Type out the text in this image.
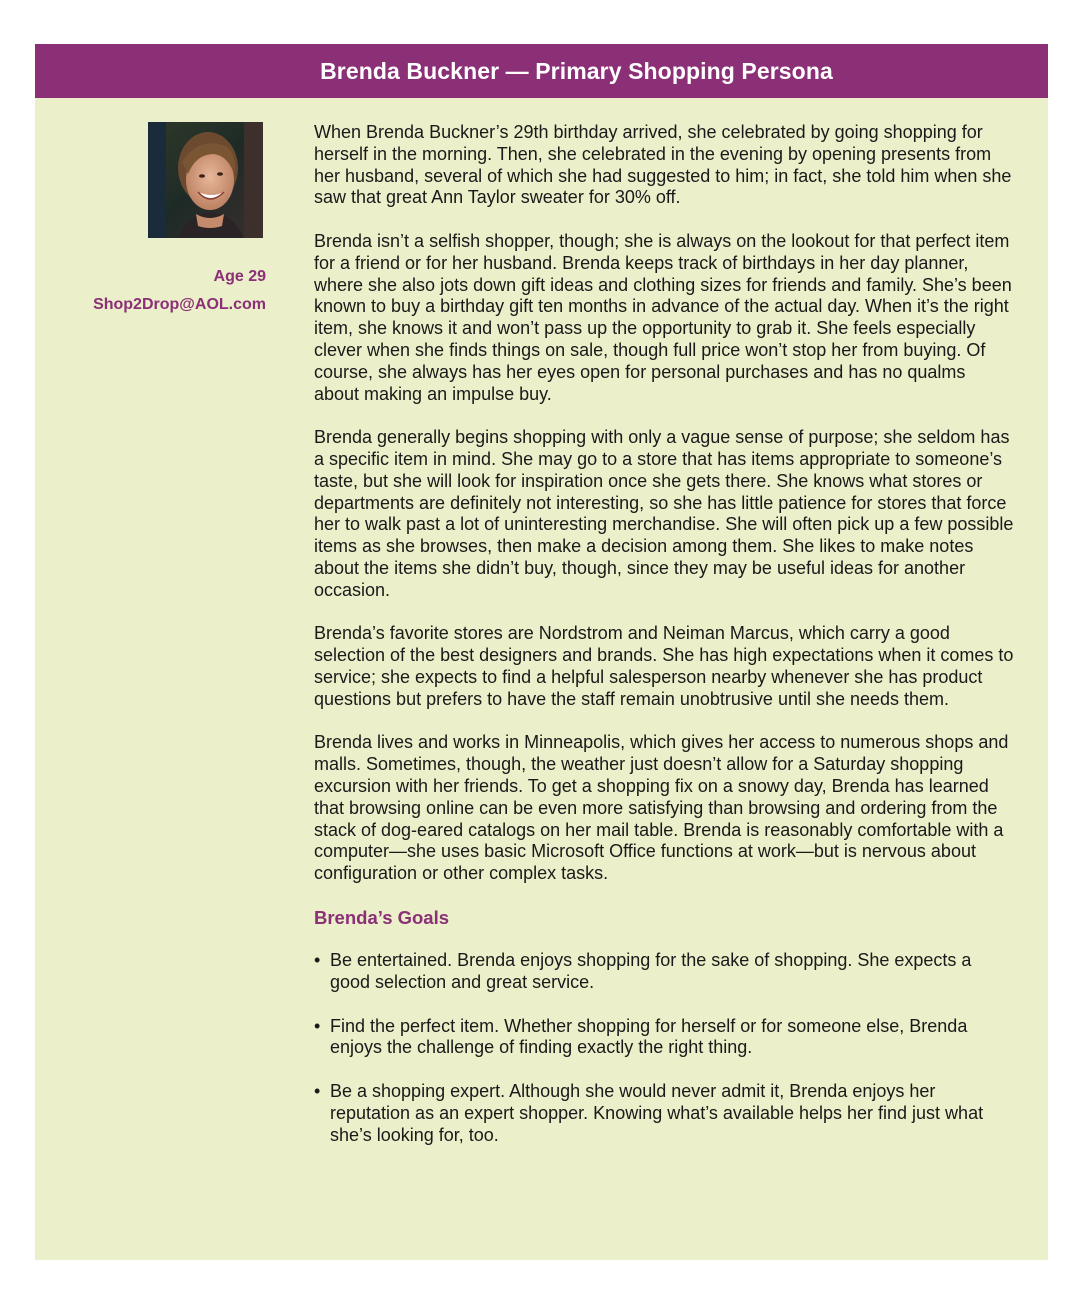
Brenda Buckner — Primary Shopping Persona
Age 29
Shop2Drop@AOL.com

When Brenda Buckner’s 29th birthday arrived, she celebrated by going shopping for herself in the morning. Then, she celebrated in the evening by opening presents from her husband, several of which she had suggested to him; in fact, she told him when she saw that great Ann Taylor sweater for 30% off.

Brenda isn’t a selfish shopper, though; she is always on the lookout for that perfect item for a friend or for her husband. Brenda keeps track of birthdays in her day planner, where she also jots down gift ideas and clothing sizes for friends and family. She’s been known to buy a birthday gift ten months in advance of the actual day. When it’s the right item, she knows it and won’t pass up the opportunity to grab it. She feels especially clever when she finds things on sale, though full price won’t stop her from buying. Of course, she always has her eyes open for personal purchases and has no qualms about making an impulse buy.

Brenda generally begins shopping with only a vague sense of purpose; she seldom has a specific item in mind. She may go to a store that has items appropriate to someone’s taste, but she will look for inspiration once she gets there. She knows what stores or departments are definitely not interesting, so she has little patience for stores that force her to walk past a lot of uninteresting merchandise. She will often pick up a few possible items as she browses, then make a decision among them. She likes to make notes about the items she didn’t buy, though, since they may be useful ideas for another occasion.

Brenda’s favorite stores are Nordstrom and Neiman Marcus, which carry a good selection of the best designers and brands. She has high expectations when it comes to service; she expects to find a helpful salesperson nearby whenever she has product questions but prefers to have the staff remain unobtrusive until she needs them.

Brenda lives and works in Minneapolis, which gives her access to numerous shops and malls. Sometimes, though, the weather just doesn’t allow for a Saturday shopping excursion with her friends. To get a shopping fix on a snowy day, Brenda has learned that browsing online can be even more satisfying than browsing and ordering from the stack of dog-eared catalogs on her mail table. Brenda is reasonably comfortable with a computer—she uses basic Microsoft Office functions at work—but is nervous about configuration or other complex tasks.

Brenda’s Goals
• Be entertained. Brenda enjoys shopping for the sake of shopping. She expects a good selection and great service.
• Find the perfect item. Whether shopping for herself or for someone else, Brenda enjoys the challenge of finding exactly the right thing.
• Be a shopping expert. Although she would never admit it, Brenda enjoys her reputation as an expert shopper. Knowing what’s available helps her find just what she’s looking for, too.
